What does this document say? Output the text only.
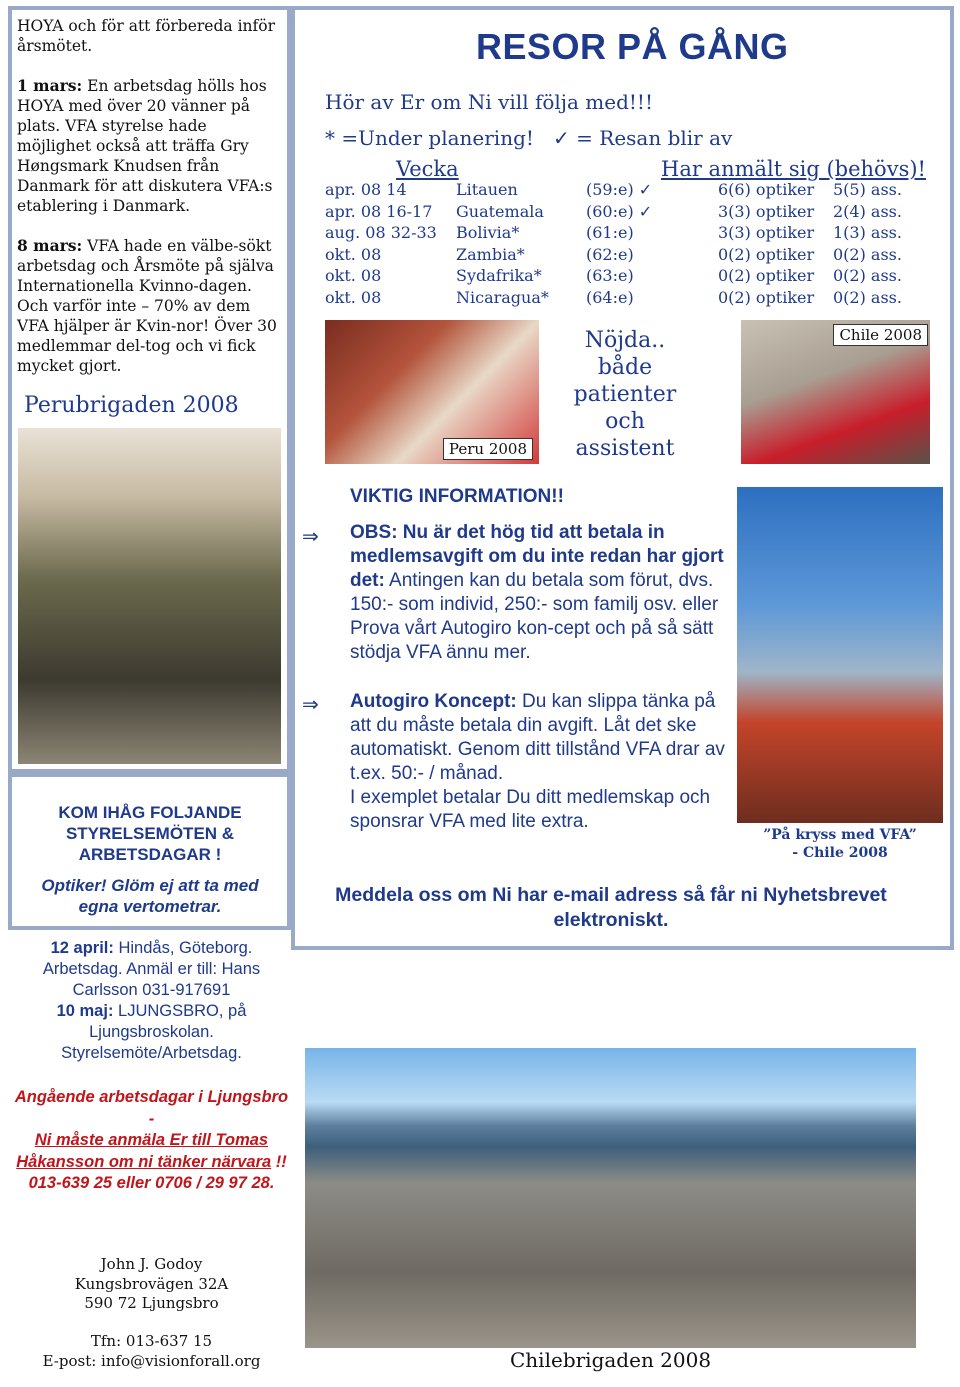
HOYA och för att förbereda inför årsmötet.

1 mars: En arbetsdag hölls hos HOYA med över 20 vänner på plats. VFA styrelse hade möjlighet också att träffa Gry Høngsmark Knudsen från Danmark för att diskutera VFA:s etablering i Danmark.

8 mars: VFA hade en välbe-sökt arbetsdag och Årsmöte på själva Internationella Kvinno-dagen. Och varför inte – 70% av dem VFA hjälper är Kvin-nor! Över 30 medlemmar del-tog och vi fick mycket gjort.

Perubrigaden 2008
Peru 2008
Chile 2008
RESOR PÅ GÅNG
Hör av Er om Ni vill följa med!!!
* =Under planering! ✓ = Resan blir av
Vecka	Har anmält sig (behövs)!
apr. 08 14	Litauen	(59:e) ✓	6(6) optiker 5(5) ass.
apr. 08 16-17 Guatemala	(60:e) ✓	3(3) optiker 2(4) ass.
aug. 08 32-33 Bolivia*	(61:e)	3(3) optiker 1(3) ass.
okt. 08	Zambia*	(62:e)	0(2) optiker 0(2) ass.
okt. 08	Sydafrika*	(63:e)	0(2) optiker 0(2) ass.
okt. 08	Nicaragua* (64:e)	0(2) optiker 0(2) ass.
Nöjda..
både
patienter
och
assistent
VIKTIG INFORMATION!!
⇒
⇒
OBS: Nu är det hög tid att betala in medlemsavgift om du inte redan har gjort det: Antingen kan du betala som förut, dvs. 150:- som individ, 250:- som familj osv. eller Prova vårt Autogiro kon-cept och på så sätt stödja VFA ännu mer.
Autogiro Koncept: Du kan slippa tänka på att du måste betala din avgift. Låt det ske automatiskt. Genom ditt tillstånd VFA drar av t.ex. 50:- / månad.
I exemplet betalar Du ditt medlemskap och sponsrar VFA med lite extra.
”På kryss med VFA”
- Chile 2008
Meddela oss om Ni har e-mail adress så får ni Nyhetsbrevet elektroniskt.
KOM IHÅG FOLJANDE STYRELSEMÖTEN & ARBETSDAGAR !
Optiker! Glöm ej att ta med egna vertometrar.
12 april: Hindås, Göteborg. Arbetsdag. Anmäl er till: Hans Carlsson 031-917691
10 maj: LJUNGSBRO, på Ljungsbroskolan. Styrelsemöte/Arbetsdag.
Angående arbetsdagar i Ljungsbro -
Ni måste anmäla Er till Tomas Håkansson om ni tänker närvara !!
013-639 25 eller 0706 / 29 97 28.
John J. Godoy
Kungsbrovägen 32A
590 72 Ljungsbro
Tfn: 013-637 15
E-post: info@visionforall.org	Chilebrigaden 2008
